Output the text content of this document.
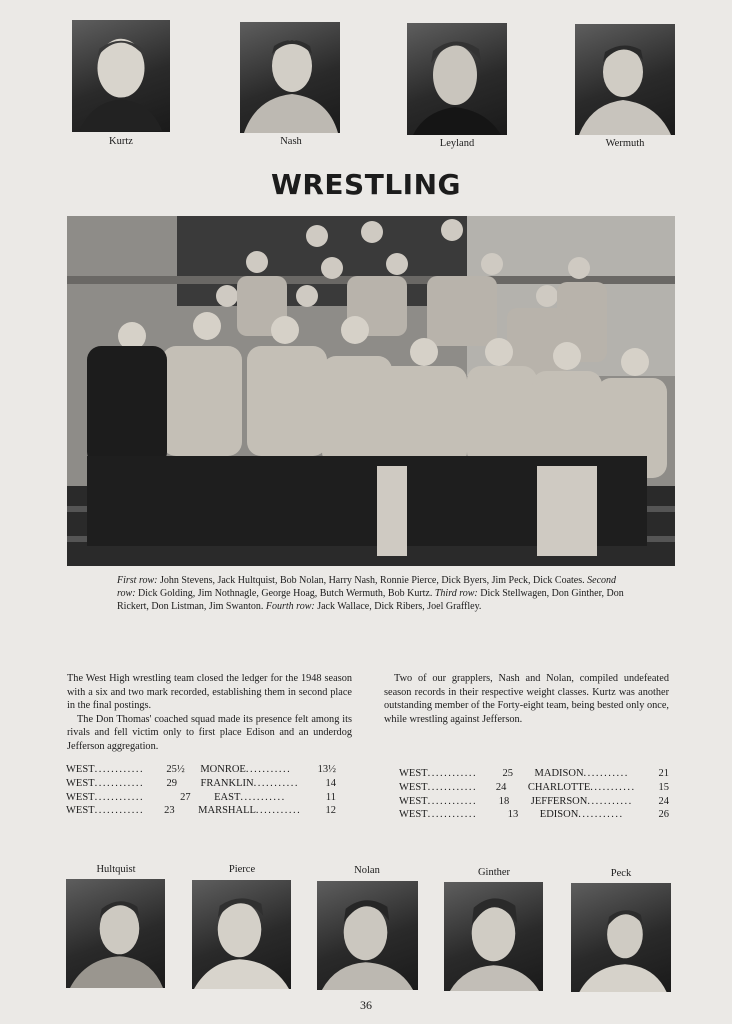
Kurtz	Nash	Leyland	Wermuth
WRESTLING
First row: John Stevens, Jack Hultquist, Bob Nolan, Harry Nash, Ronnie Pierce, Dick Byers, Jim Peck, Dick Coates. Second row: Dick Golding, Jim Nothnagle, George Hoag, Butch Wermuth, Bob Kurtz. Third row: Dick Stellwagen, Don Ginther, Don Rickert, Don Listman, Jim Swanton. Fourth row: Jack Wallace, Dick Ribers, Joel Graffley.

The West High wrestling team closed the ledger for the 1948 season with a six and two mark recorded, establishing them in second place in the final postings.

The Don Thomas' coached squad made its presence felt among its rivals and fell victim only to first place Edison and an underdog Jefferson aggregation.

Two of our grapplers, Nash and Nolan, compiled undefeated season records in their respective weight classes. Kurtz was another outstanding member of the Forty-eight team, being bested only once, while wrestling against Jefferson.

WEST ............	25½	MONROE ...........	13½
WEST ............	29	FRANKLIN ...........	14
WEST ............	27	EAST ...........	11
WEST ............	23	MARSHALL ...........	12
WEST ............	25	MADISON ...........	21
WEST ............	24	CHARLOTTE ...........	15
WEST ............	18	JEFFERSON ...........	24
WEST ............	13	EDISON ...........	26
Hultquist	Pierce	Nolan	Ginther	Peck
36
